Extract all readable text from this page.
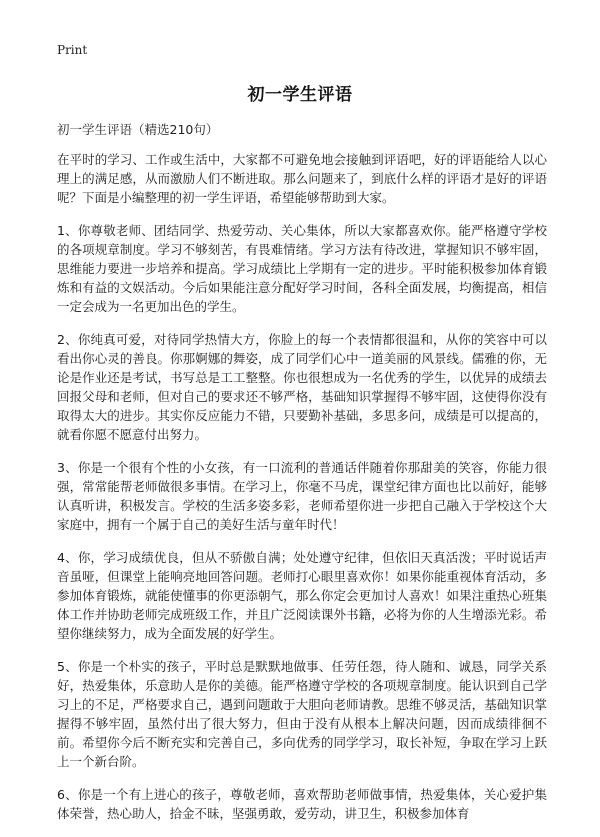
Print
初一学生评语
初一学生评语（精选210句）

在平时的学习、工作或生活中，大家都不可避免地会接触到评语吧，好的评语能给人以心理上的满足感，从而激励人们不断进取。那么问题来了，到底什么样的评语才是好的评语呢？下面是小编整理的初一学生评语，希望能够帮助到大家。

1、你尊敬老师、团结同学、热爱劳动、关心集体，所以大家都喜欢你。能严格遵守学校的各项规章制度。学习不够刻苦，有畏难情绪。学习方法有待改进，掌握知识不够牢固，思维能力要进一步培养和提高。学习成绩比上学期有一定的进步。平时能积极参加体育锻炼和有益的文娱活动。今后如果能注意分配好学习时间，各科全面发展，均衡提高，相信一定会成为一名更加出色的学生。

2、你纯真可爱，对待同学热情大方，你脸上的每一个表情都很温和，从你的笑容中可以看出你心灵的善良。你那婀娜的舞姿，成了同学们心中一道美丽的风景线。儒雅的你，无论是作业还是考试，书写总是工工整整。你也很想成为一名优秀的学生，以优异的成绩去回报父母和老师，但对自己的要求还不够严格，基础知识掌握得不够牢固，这使得你没有取得太大的进步。其实你反应能力不错，只要勤补基础，多思多问，成绩是可以提高的，就看你愿不愿意付出努力。

3、你是一个很有个性的小女孩，有一口流利的普通话伴随着你那甜美的笑容，你能力很强，常常能帮老师做很多事情。在学习上，你毫不马虎，课堂纪律方面也比以前好，能够认真听讲，积极发言。学校的生活多姿多彩，老师希望你进一步把自己融入于学校这个大家庭中，拥有一个属于自己的美好生活与童年时代！

4、你，学习成绩优良，但从不骄傲自满；处处遵守纪律，但依旧天真活泼；平时说话声音虽哑，但课堂上能响亮地回答问题。老师打心眼里喜欢你！如果你能重视体育活动，多参加体育锻炼，就能使懂事的你更添朝气，那么你定会更加讨人喜欢！如果注重热心班集体工作并协助老师完成班级工作，并且广泛阅读课外书籍，必将为你的人生增添光彩。希望你继续努力，成为全面发展的好学生。

5、你是一个朴实的孩子，平时总是默默地做事、任劳任怨，待人随和、诚恳，同学关系好，热爱集体，乐意助人是你的美德。能严格遵守学校的各项规章制度。能认识到自己学习上的不足，严格要求自己，遇到问题敢于大胆向老师请教。思维不够灵活，基础知识掌握得不够牢固，虽然付出了很大努力，但由于没有从根本上解决问题，因而成绩徘徊不前。希望你今后不断充实和完善自己，多向优秀的同学学习，取长补短，争取在学习上跃上一个新台阶。

6、你是一个有上进心的孩子，尊敬老师，喜欢帮助老师做事情，热爱集体，关心爱护集体荣誉，热心助人，拾金不昧，坚强勇敢，爱劳动，讲卫生，积极参加体育
